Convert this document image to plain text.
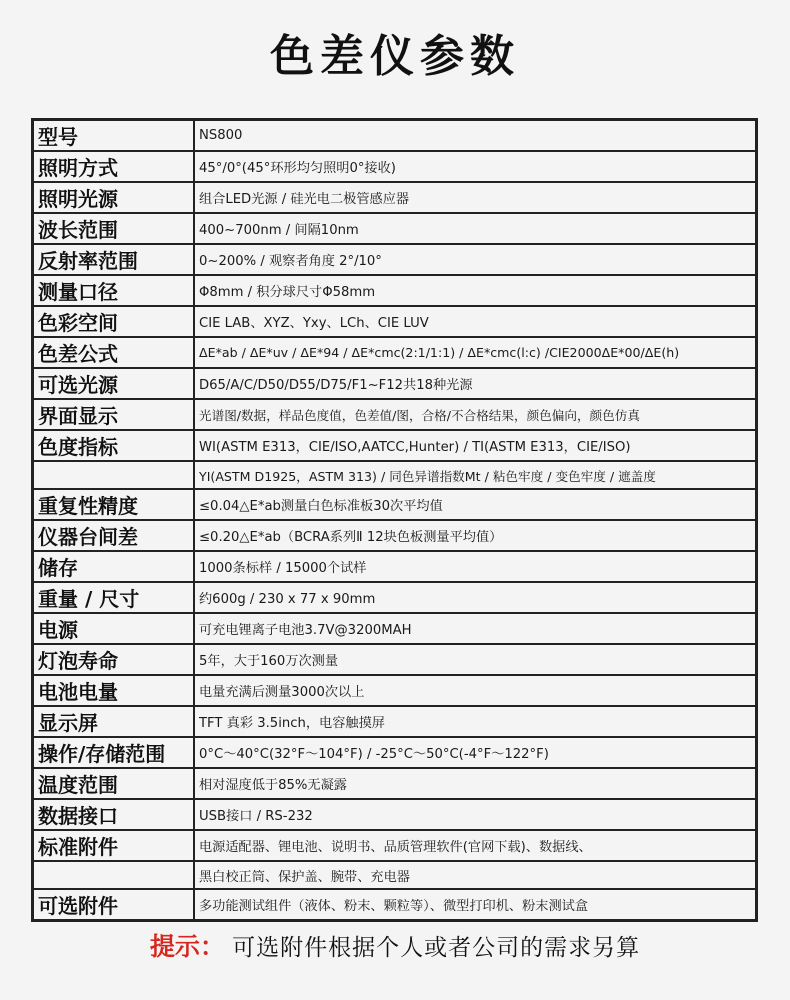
色差仪参数
型号	NS800
照明方式	45°/0°(45°环形均匀照明0°接收)
照明光源	组合LED光源 / 硅光电二极管感应器
波长范围	400~700nm / 间隔10nm
反射率范围	0~200% / 观察者角度 2°/10°
测量口径	Φ8mm / 积分球尺寸Φ58mm
色彩空间	CIE LAB、XYZ、Yxy、LCh、CIE LUV
色差公式	ΔE*ab / ΔE*uv / ΔE*94 / ΔE*cmc(2:1/1:1) / ΔE*cmc(l:c) /CIE2000ΔE*00/ΔE(h)
可选光源	D65/A/C/D50/D55/D75/F1~F12共18种光源
界面显示	光谱图/数据，样品色度值，色差值/图，合格/不合格结果，颜色偏向，颜色仿真
色度指标	WI(ASTM E313，CIE/ISO,AATCC,Hunter) / TI(ASTM E313，CIE/ISO)
	YI(ASTM D1925，ASTM 313) / 同色异谱指数Mt / 粘色牢度 / 变色牢度 / 遮盖度
重复性精度	≤0.04△E*ab测量白色标准板30次平均值
仪器台间差	≤0.20△E*ab（BCRA系列Ⅱ 12块色板测量平均值）
储存	1000条标样 / 15000个试样
重量 / 尺寸	约600g / 230 x 77 x 90mm
电源	可充电锂离子电池3.7V@3200MAH
灯泡寿命	5年，大于160万次测量
电池电量	电量充满后测量3000次以上
显示屏	TFT 真彩 3.5inch，电容触摸屏
操作/存储范围	0°C～40°C(32°F～104°F) / -25°C～50°C(-4°F～122°F)
温度范围	相对湿度低于85%无凝露
数据接口	USB接口 / RS-232
标准附件	电源适配器、锂电池、说明书、品质管理软件(官网下载)、数据线、
	黑白校正筒、保护盖、腕带、充电器
可选附件	多功能测试组件（液体、粉末、颗粒等）、微型打印机、粉末测试盒
提示： 可选附件根据个人或者公司的需求另算
